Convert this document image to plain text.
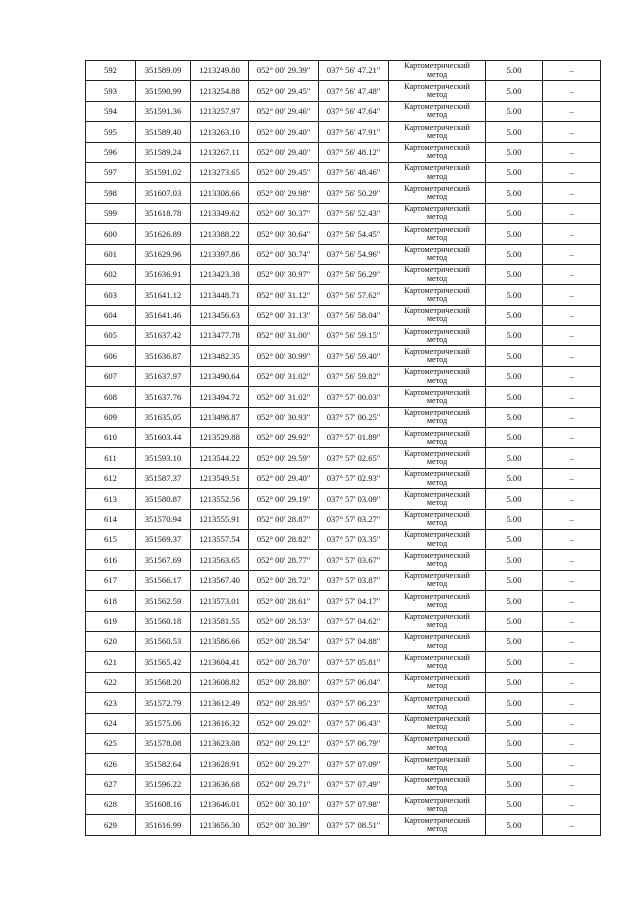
592	351589.09	1213249.80	052° 00' 29.39"	037° 56' 47.21"	Картометрический
метод	5.00	–
593	351590.99	1213254.88	052° 00' 29.45"	037° 56' 47.48"	Картометрический
метод	5.00	–
594	351591.36	1213257.97	052° 00' 29.46"	037° 56' 47.64"	Картометрический
метод	5.00	–
595	351589.40	1213263.10	052° 00' 29.40"	037° 56' 47.91"	Картометрический
метод	5.00	–
596	351589.24	1213267.11	052° 00' 29.40"	037° 56' 48.12"	Картометрический
метод	5.00	–
597	351591.02	1213273.65	052° 00' 29.45"	037° 56' 48.46"	Картометрический
метод	5.00	–
598	351607.03	1213308.66	052° 00' 29.98"	037° 56' 50.29"	Картометрический
метод	5.00	–
599	351618.78	1213349.62	052° 00' 30.37"	037° 56' 52.43"	Картометрический
метод	5.00	–
600	351626.89	1213388.22	052° 00' 30.64"	037° 56' 54.45"	Картометрический
метод	5.00	–
601	351629.96	1213397.86	052° 00' 30.74"	037° 56' 54.96"	Картометрический
метод	5.00	–
602	351636.91	1213423.38	052° 00' 30.97"	037° 56' 56.29"	Картометрический
метод	5.00	–
603	351641.12	1213448.71	052° 00' 31.12"	037° 56' 57.62"	Картометрический
метод	5.00	–
604	351641.46	1213456.63	052° 00' 31.13"	037° 56' 58.04"	Картометрический
метод	5.00	–
605	351637.42	1213477.78	052° 00' 31.00"	037° 56' 59.15"	Картометрический
метод	5.00	–
606	351636.87	1213482.35	052° 00' 30.99"	037° 56' 59.40"	Картометрический
метод	5.00	–
607	351637.97	1213490.64	052° 00' 31.02"	037° 56' 59.82"	Картометрический
метод	5.00	–
608	351637.76	1213494.72	052° 00' 31.02"	037° 57' 00.03"	Картометрический
метод	5.00	–
609	351635.05	1213498.87	052° 00' 30.93"	037° 57' 00.25"	Картометрический
метод	5.00	–
610	351603.44	1213529.88	052° 00' 29.92"	037° 57' 01.89"	Картометрический
метод	5.00	–
611	351593.10	1213544.22	052° 00' 29.59"	037° 57' 02.65"	Картометрический
метод	5.00	–
612	351587.37	1213549.51	052° 00' 29.40"	037° 57' 02.93"	Картометрический
метод	5.00	–
613	351580.87	1213552.56	052° 00' 29.19"	037° 57' 03.09"	Картометрический
метод	5.00	–
614	351570.94	1213555.91	052° 00' 28.87"	037° 57' 03.27"	Картометрический
метод	5.00	–
615	351569.37	1213557.54	052° 00' 28.82"	037° 57' 03.35"	Картометрический
метод	5.00	–
616	351567.69	1213563.65	052° 00' 28.77"	037° 57' 03.67"	Картометрический
метод	5.00	–
617	351566.17	1213567.40	052° 00' 28.72"	037° 57' 03.87"	Картометрический
метод	5.00	–
618	351562.59	1213573.01	052° 00' 28.61"	037° 57' 04.17"	Картометрический
метод	5.00	–
619	351560.18	1213581.55	052° 00' 28.53"	037° 57' 04.62"	Картометрический
метод	5.00	–
620	351560.53	1213586.66	052° 00' 28.54"	037° 57' 04.88"	Картометрический
метод	5.00	–
621	351565.42	1213604.41	052° 00' 28.70"	037° 57' 05.81"	Картометрический
метод	5.00	–
622	351568.20	1213608.82	052° 00' 28.80"	037° 57' 06.04"	Картометрический
метод	5.00	–
623	351572.79	1213612.49	052° 00' 28.95"	037° 57' 06.23"	Картометрический
метод	5.00	–
624	351575.06	1213616.32	052° 00' 29.02"	037° 57' 06.43"	Картометрический
метод	5.00	–
625	351578.08	1213623.08	052° 00' 29.12"	037° 57' 06.79"	Картометрический
метод	5.00	–
626	351582.64	1213628.91	052° 00' 29.27"	037° 57' 07.09"	Картометрический
метод	5.00	–
627	351596.22	1213636.68	052° 00' 29.71"	037° 57' 07.49"	Картометрический
метод	5.00	–
628	351608.16	1213646.01	052° 00' 30.10"	037° 57' 07.98"	Картометрический
метод	5.00	–
629	351616.99	1213656.30	052° 00' 30.39"	037° 57' 08.51"	Картометрический
метод	5.00	–
